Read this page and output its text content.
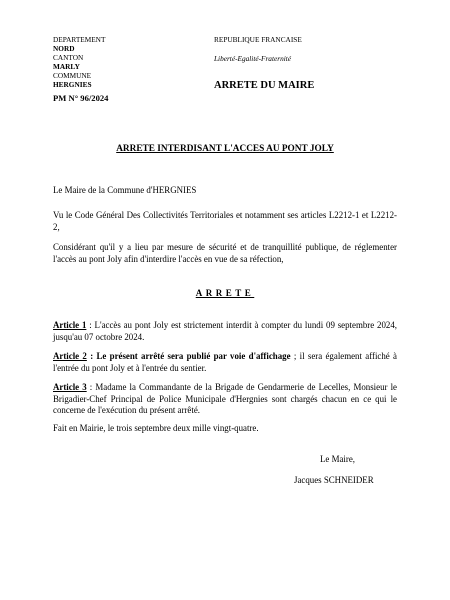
DEPARTEMENT
NORD
CANTON
MARLY
COMMUNE
HERGNIES
REPUBLIQUE FRANCAISE
Liberté-Egalité-Fraternité
ARRETE DU MAIRE
PM N° 96/2024
ARRETE INTERDISANT L'ACCES AU PONT JOLY
Le Maire de la Commune d'HERGNIES
Vu le Code Général Des Collectivités Territoriales et notamment ses articles L2212-1 et L2212-2,
Considérant qu'il y a lieu par mesure de sécurité et de tranquillité publique, de réglementer l'accès au pont Joly afin d'interdire l'accès en vue de sa réfection,
ARRETE
Article 1 : L'accès au pont Joly est strictement interdit à compter du lundi 09 septembre 2024, jusqu'au 07 octobre 2024.
Article 2 : Le présent arrêté sera publié par voie d'affichage ; il sera également affiché à l'entrée du pont Joly et à l'entrée du sentier.
Article 3 : Madame la Commandante de la Brigade de Gendarmerie de Lecelles, Monsieur le Brigadier-Chef Principal de Police Municipale d'Hergnies sont chargés chacun en ce qui le concerne de l'exécution du présent arrêté.
Fait en Mairie, le trois septembre deux mille vingt-quatre.
Le Maire,
Jacques SCHNEIDER
